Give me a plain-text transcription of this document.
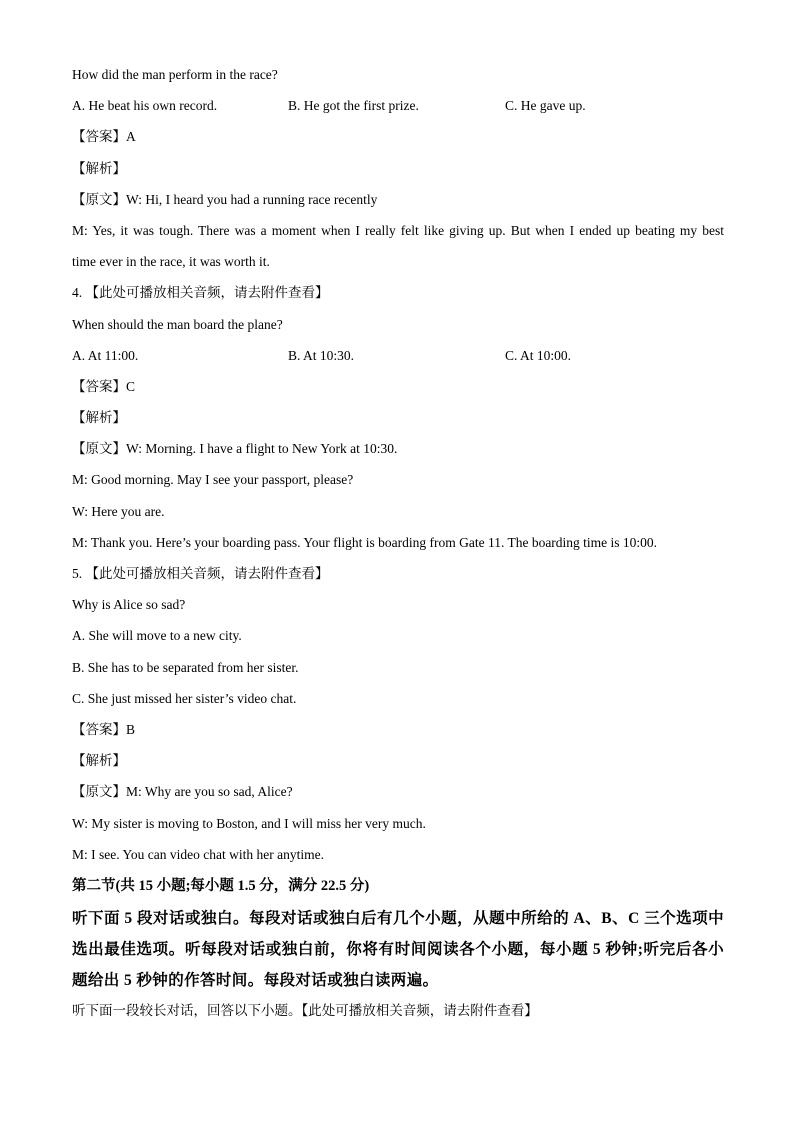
How did the man perform in the race?
A. He beat his own record.	B. He got the first prize.	C. He gave up.
【答案】A
【解析】
【原文】W: Hi, I heard you had a running race recently
M: Yes, it was tough. There was a moment when I really felt like giving up. But when I ended up beating my best
time ever in the race, it was worth it.
4. 【此处可播放相关音频，请去附件查看】
When should the man board the plane?
A. At 11:00.	B. At 10:30.	C. At 10:00.
【答案】C
【解析】
【原文】W: Morning. I have a flight to New York at 10:30.
M: Good morning. May I see your passport, please?
W: Here you are.
M: Thank you. Here’s your boarding pass. Your flight is boarding from Gate 11. The boarding time is 10:00.
5. 【此处可播放相关音频，请去附件查看】
Why is Alice so sad?
A. She will move to a new city.
B. She has to be separated from her sister.
C. She just missed her sister’s video chat.
【答案】B
【解析】
【原文】M: Why are you so sad, Alice?
W: My sister is moving to Boston, and I will miss her very much.
M: I see. You can video chat with her anytime.
第二节(共 15 小题;每小题 1.5 分，满分 22.5 分)
听下面 5 段对话或独白。每段对话或独白后有几个小题，从题中所给的 A、B、C 三个选项中选出最佳选项。听每段对话或独白前，你将有时间阅读各个小题，每小题 5 秒钟;听完后各小题给出 5 秒钟的作答时间。每段对话或独白读两遍。
听下面一段较长对话，回答以下小题。【此处可播放相关音频，请去附件查看】
